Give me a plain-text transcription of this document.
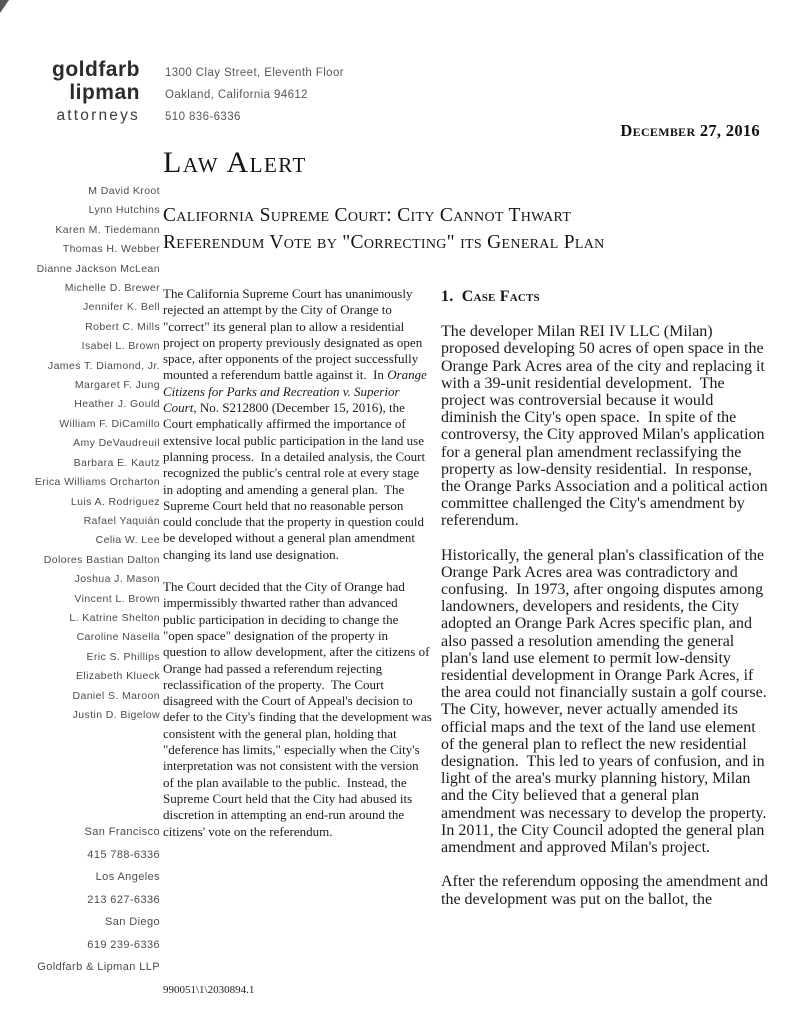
goldfarb
lipman
attorneys
1300 Clay Street, Eleventh Floor
Oakland, California 94612
510 836-6336
December 27, 2016
Law Alert
California Supreme Court: City Cannot Thwart Referendum Vote by "Correcting" its General Plan
M David Kroot
Lynn Hutchins
Karen M. Tiedemann
Thomas H. Webber
Dianne Jackson McLean
Michelle D. Brewer
Jennifer K. Bell
Robert C. Mills
Isabel L. Brown
James T. Diamond, Jr.
Margaret F. Jung
Heather J. Gould
William F. DiCamillo
Amy DeVaudreuil
Barbara E. Kautz
Erica Williams Orcharton
Luis A. Rodriguez
Rafael Yaquián
Celia W. Lee
Dolores Bastian Dalton
Joshua J. Mason
Vincent L. Brown
L. Katrine Shelton
Caroline Nasella
Eric S. Phillips
Elizabeth Klueck
Daniel S. Maroon
Justin D. Bigelow
San Francisco
415 788-6336
Los Angeles
213 627-6336
San Diego
619 239-6336
Goldfarb & Lipman LLP

The California Supreme Court has unanimously rejected an attempt by the City of Orange to "correct" its general plan to allow a residential project on property previously designated as open space, after opponents of the project successfully mounted a referendum battle against it.  In Orange Citizens for Parks and Recreation v. Superior Court, No. S212800 (December 15, 2016), the Court emphatically affirmed the importance of extensive local public participation in the land use planning process.  In a detailed analysis, the Court recognized the public's central role at every stage in adopting and amending a general plan.  The Supreme Court held that no reasonable person could conclude that the property in question could be developed without a general plan amendment changing its land use designation.

The Court decided that the City of Orange had impermissibly thwarted rather than advanced public participation in deciding to change the "open space" designation of the property in question to allow development, after the citizens of Orange had passed a referendum rejecting reclassification of the property.  The Court disagreed with the Court of Appeal's decision to defer to the City's finding that the development was consistent with the general plan, holding that "deference has limits," especially when the City's interpretation was not consistent with the version of the plan available to the public.  Instead, the Supreme Court held that the City had abused its discretion in attempting an end-run around the citizens' vote on the referendum.

1.  Case Facts

The developer Milan REI IV LLC (Milan) proposed developing 50 acres of open space in the Orange Park Acres area of the city and replacing it with a 39-unit residential development.  The project was controversial because it would diminish the City's open space.  In spite of the controversy, the City approved Milan's application for a general plan amendment reclassifying the property as low-density residential.  In response, the Orange Parks Association and a political action committee challenged the City's amendment by referendum.

Historically, the general plan's classification of the Orange Park Acres area was contradictory and confusing.  In 1973, after ongoing disputes among landowners, developers and residents, the City adopted an Orange Park Acres specific plan, and also passed a resolution amending the general plan's land use element to permit low-density residential development in Orange Park Acres, if the area could not financially sustain a golf course.  The City, however, never actually amended its official maps and the text of the land use element of the general plan to reflect the new residential designation.  This led to years of confusion, and in light of the area's murky planning history, Milan and the City believed that a general plan amendment was necessary to develop the property.  In 2011, the City Council adopted the general plan amendment and approved Milan's project.

After the referendum opposing the amendment and the development was put on the ballot, the

990051\1\2030894.1
